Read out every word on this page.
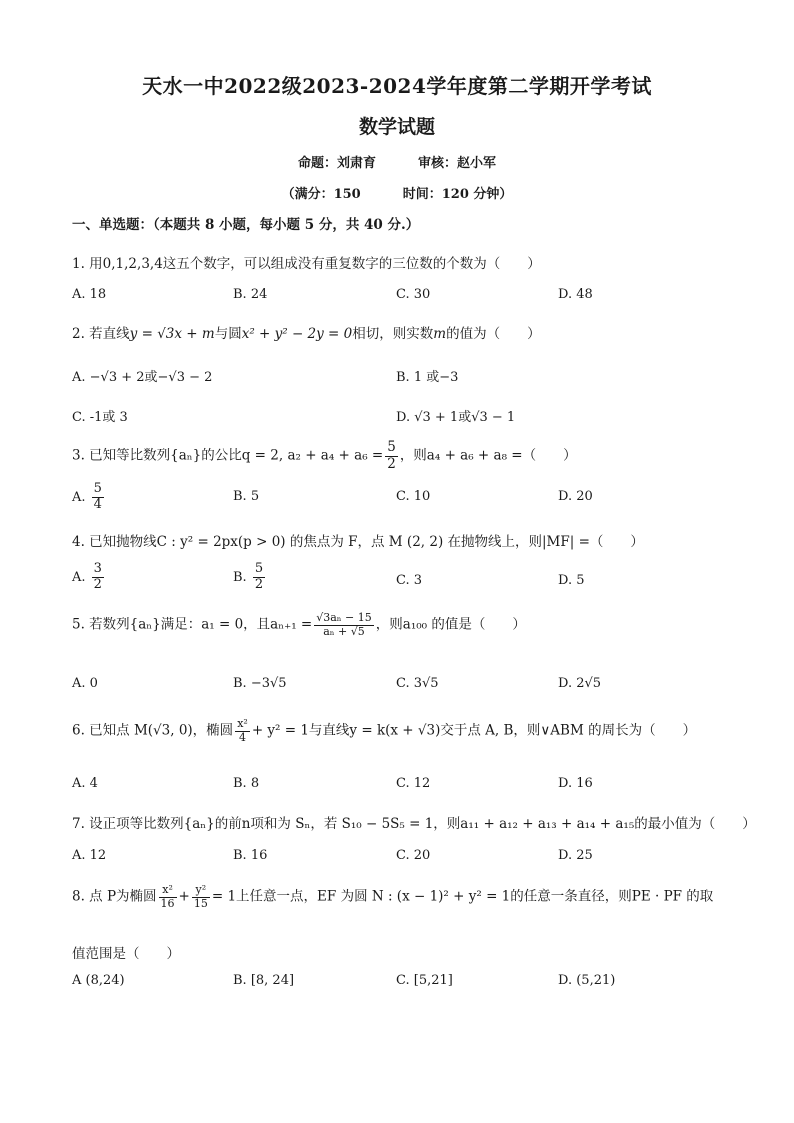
天水一中2022级2023-2024学年度第二学期开学考试
数学试题
命题：刘肃育	审核：赵小军
（满分：150	时间：120 分钟）
一、单选题：（本题共 8 小题，每小题 5 分，共 40 分.）
1. 用0,1,2,3,4这五个数字，可以组成没有重复数字的三位数的个数为（　　）
A. 18	B. 24	C. 30	D. 48
2. 若直线y = √3x + m与圆x² + y² − 2y = 0相切，则实数m的值为（　　）
A. −√3 + 2或−√3 − 2	B. 1 或−3
C. -1或 3	D. √3 + 1或√3 − 1
3. 已知等比数列{aₙ}的公比q = 2, $a_2 + a_4 + a_6 = \frac{5}{2}$ ，则a₄ + a₆ + a₈ =（　　）
A. $\frac{5}{4}$	B. 5	C. 10	D. 20
4. 已知抛物线C : y² = 2px(p > 0) 的焦点为 F，点 M (2, 2) 在抛物线上，则|MF| =（　　）
A. $\frac{3}{2}$	B. $\frac{5}{2}$	C. 3	D. 5
5. 若数列{aₙ}满足：a₁ = 0，且$a_{n+1} = \frac{\text{√3aₙ − 15}}{\text{aₙ + √5}}$ ，则a₁₀₀ 的值是（　　）
A. 0	B. −3√5	C. 3√5	D. 2√5
6. 已知点 M(√3, 0)，椭圆 $\frac{\text{x²}}{4} + y^2 = 1$与直线y = k(x + √3)交于点 A, B，则∨ABM 的周长为（　　）
A. 4	B. 8	C. 12	D. 16
7. 设正项等比数列{aₙ}的前n项和为 Sₙ，若 S₁₀ − 5S₅ = 1，则a₁₁ + a₁₂ + a₁₃ + a₁₄ + a₁₅的最小值为（　　）
A. 12	B. 16	C. 20	D. 25
8. 点 P为椭圆 $\frac{\text{x²}}{16} + \frac{\text{y²}}{15} = 1$上任意一点，EF 为圆 N : (x − 1)² + y² = 1的任意一条直径，则PE · PF 的取
值范围是（　　）
A (8,24)	B. [8, 24]	C. [5,21]	D. (5,21)
